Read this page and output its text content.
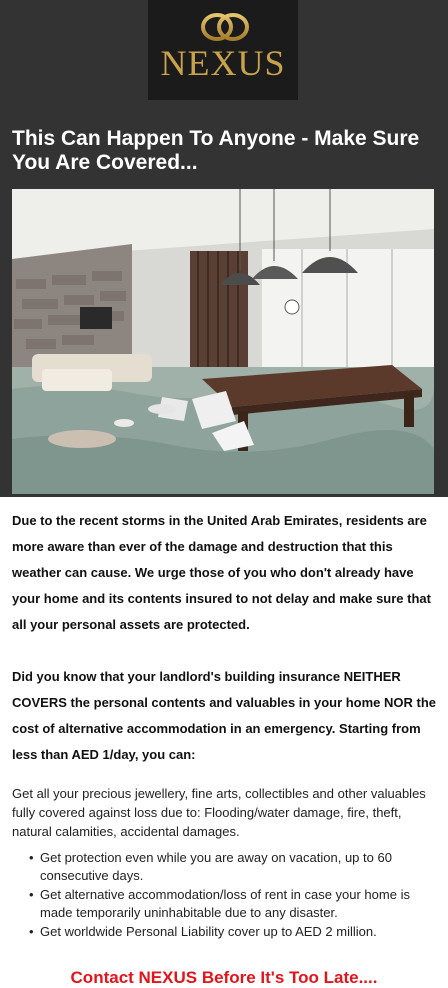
NEXUS
This Can Happen To Anyone - Make Sure You Are Covered...

Due to the recent storms in the United Arab Emirates, residents are more aware than ever of the damage and destruction that this weather can cause. We urge those of you who don't already have your home and its contents insured to not delay and make sure that all your personal assets are protected.

Did you know that your landlord's building insurance NEITHER COVERS the personal contents and valuables in your home NOR the cost of alternative accommodation in an emergency. Starting from less than AED 1/day, you can:

Get all your precious jewellery, fine arts, collectibles and other valuables fully covered against loss due to: Flooding/water damage, fire, theft, natural calamities, accidental damages.

• Get protection even while you are away on vacation, up to 60 consecutive days.
• Get alternative accommodation/loss of rent in case your home is made temporarily uninhabitable due to any disaster.
• Get worldwide Personal Liability cover up to AED 2 million.
Contact NEXUS Before It's Too Late....
